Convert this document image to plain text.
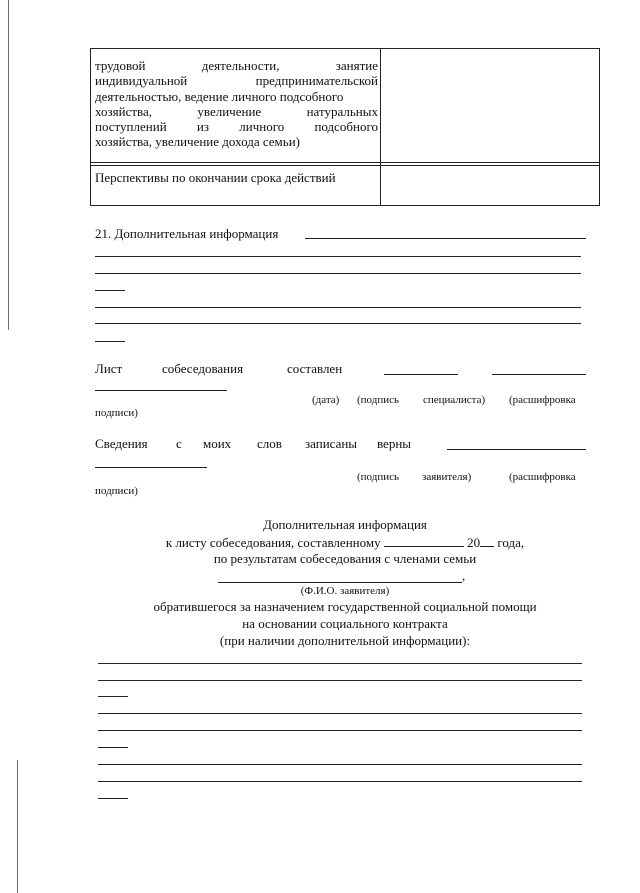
трудовой	деятельности,	занятие
индивидуальной	предпринимательской
деятельностью, ведение личного подсобного
хозяйства,	увеличение	натуральных
поступлений из личного подсобного
хозяйства, увеличение дохода семьи)
Перспективы по окончании срока действий
21. Дополнительная информация
Лист	собеседования	составлен
(дата) (подпись специалиста) (расшифровка
подписи)
Сведения с моих слов записаны верны
(подпись заявителя)	(расшифровка
подписи)
Дополнительная информация
к листу собеседования, составленному	20 года,
по результатам собеседования с членами семьи
,
(Ф.И.О. заявителя)
обратившегося за назначением государственной социальной помощи
на основании социального контракта
(при наличии дополнительной информации):
